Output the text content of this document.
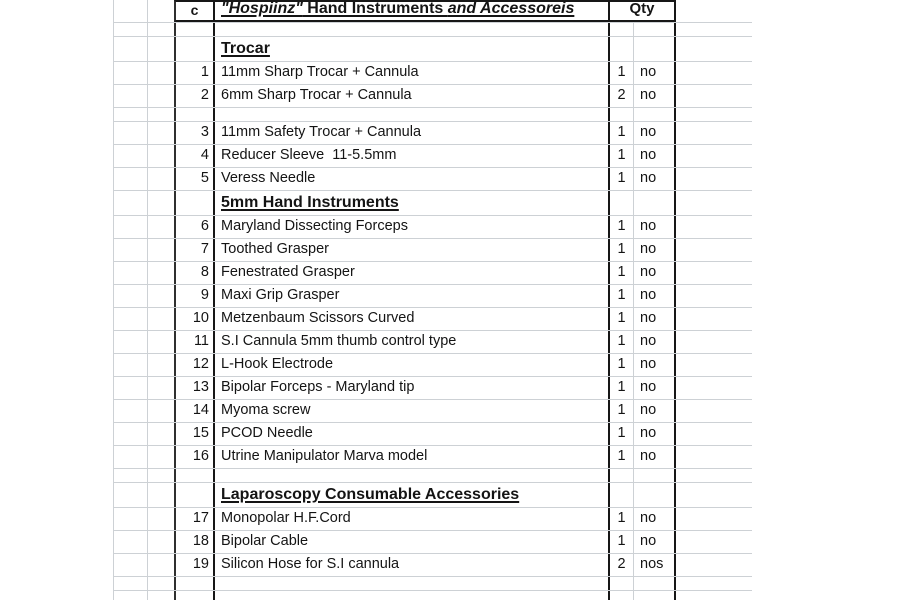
c "Hospiinz" Hand Instruments and Accessoreis	Qty
Trocar
1 11mm Sharp Trocar + Cannula	1 no
2 6mm Sharp Trocar + Cannula	2 no
3 11mm Safety Trocar + Cannula	1 no
4 Reducer Sleeve  11-5.5mm	1 no
5 Veress Needle	1 no
5mm Hand Instruments
6 Maryland Dissecting Forceps	1 no
7 Toothed Grasper	1 no
8 Fenestrated Grasper	1 no
9 Maxi Grip Grasper	1 no
10 Metzenbaum Scissors Curved	1 no
11 S.I Cannula 5mm thumb control type	1 no
12 L-Hook Electrode	1 no
13 Bipolar Forceps - Maryland tip	1 no
14 Myoma screw	1 no
15 PCOD Needle	1 no
16 Utrine Manipulator Marva model	1 no
Laparoscopy Consumable Accessories
17 Monopolar H.F.Cord	1 no
18 Bipolar Cable	1 no
19 Silicon Hose for S.I cannula	2 nos
